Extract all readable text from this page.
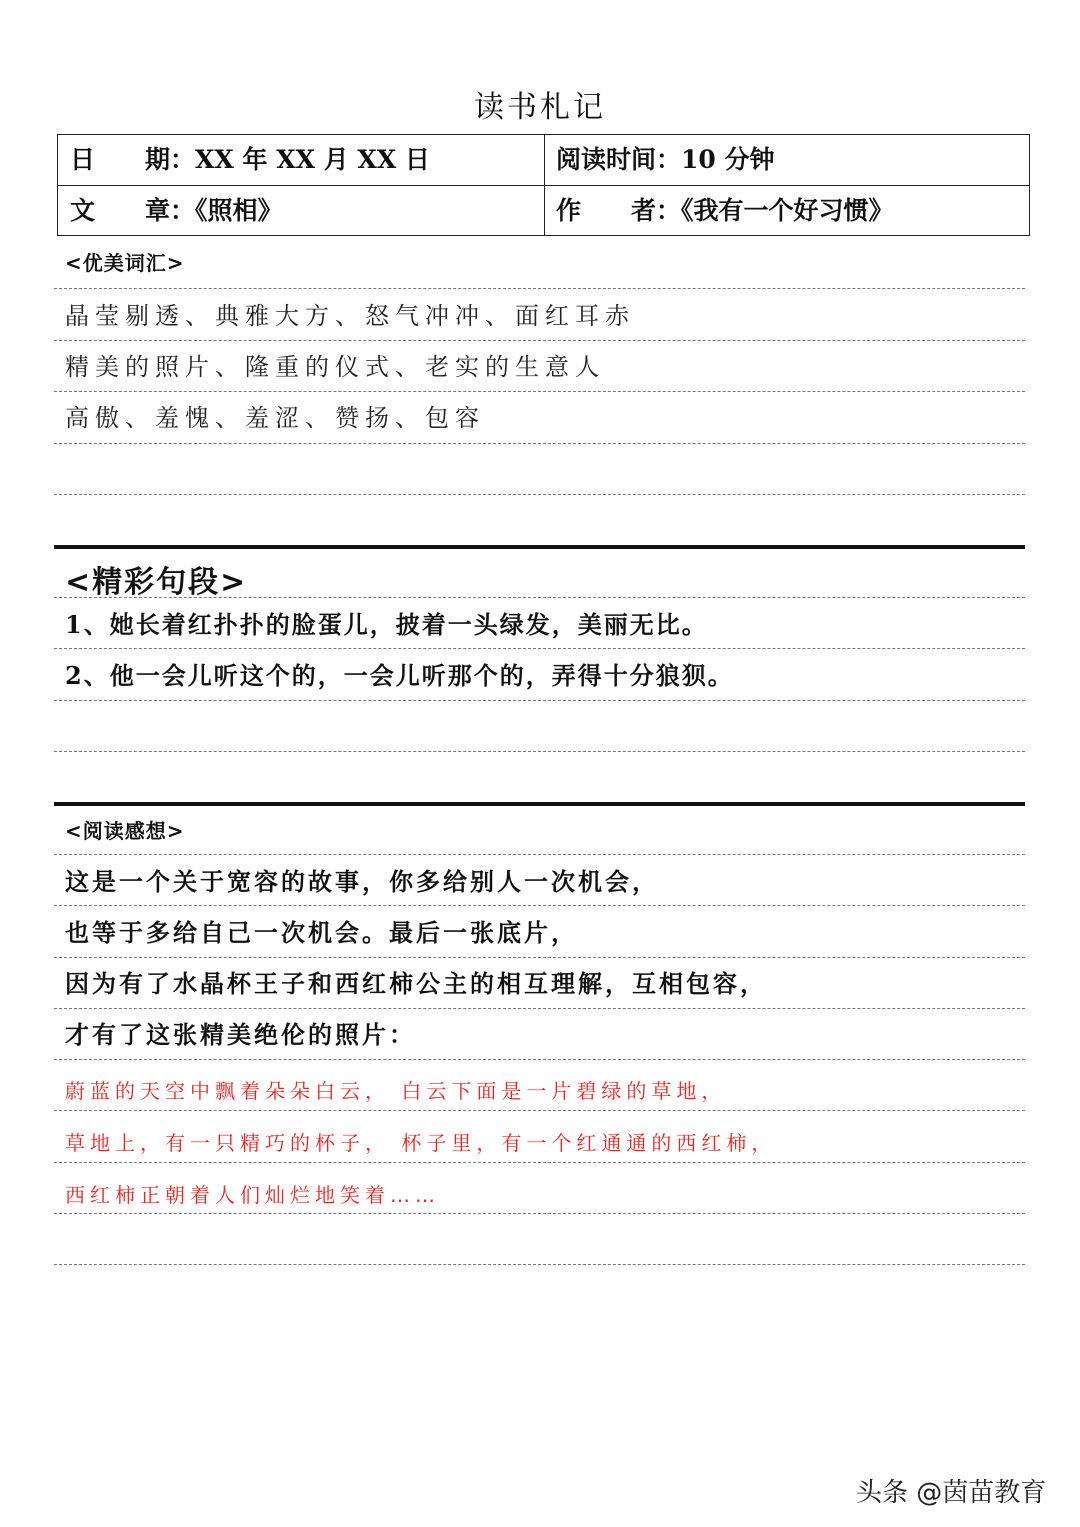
读书札记
日　　期：XX 年 XX 月 XX 日	阅读时间：10 分钟
文　　章：《照相》	作　　者：《我有一个好习惯》
<优美词汇>
晶莹剔透、典雅大方、怒气冲冲、面红耳赤
精美的照片、隆重的仪式、老实的生意人
高傲、羞愧、羞涩、赞扬、包容
<精彩句段>
1、她长着红扑扑的脸蛋儿，披着一头绿发，美丽无比。
2、他一会儿听这个的，一会儿听那个的，弄得十分狼狈。
<阅读感想>
这是一个关于宽容的故事，你多给别人一次机会，
也等于多给自己一次机会。最后一张底片，
因为有了水晶杯王子和西红柿公主的相互理解，互相包容，
才有了这张精美绝伦的照片：
蔚蓝的天空中飘着朵朵白云， 白云下面是一片碧绿的草地，
草地上，有一只精巧的杯子， 杯子里，有一个红通通的西红柿，
西红柿正朝着人们灿烂地笑着……
头条 @茵苗教育
